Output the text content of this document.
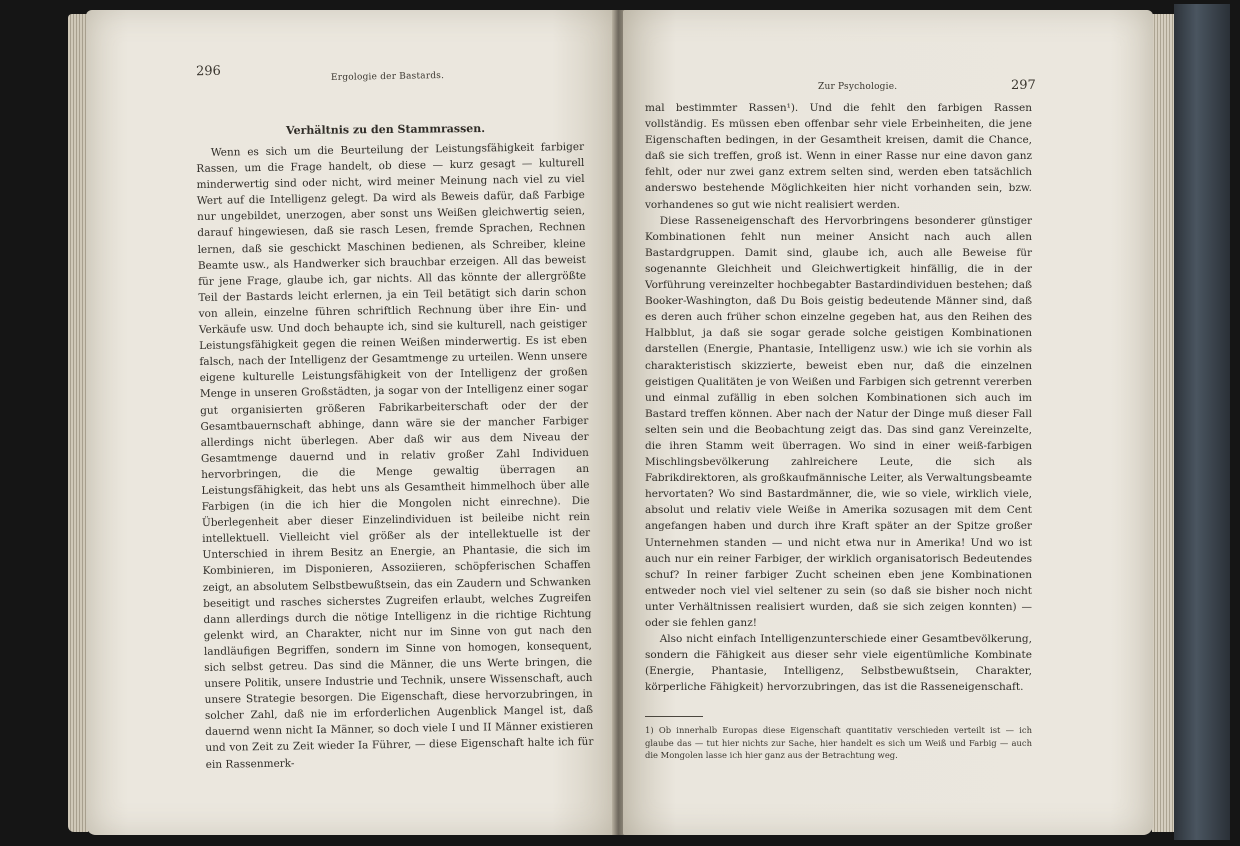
296	Ergologie der Bastards.
Verhältnis zu den Stammrassen.

Wenn es sich um die Beurteilung der Leistungsfähigkeit farbiger Rassen, um die Frage handelt, ob diese — kurz gesagt — kulturell minderwertig sind oder nicht, wird meiner Meinung nach viel zu viel Wert auf die Intelligenz gelegt. Da wird als Beweis dafür, daß Farbige nur ungebildet, unerzogen, aber sonst uns Weißen gleichwertig seien, darauf hingewiesen, daß sie rasch Lesen, fremde Sprachen, Rechnen lernen, daß sie geschickt Maschinen bedienen, als Schreiber, kleine Beamte usw., als Handwerker sich brauchbar erzeigen. All das beweist für jene Frage, glaube ich, gar nichts. All das könnte der allergrößte Teil der Bastards leicht erlernen, ja ein Teil betätigt sich darin schon von allein, einzelne führen schriftlich Rechnung über ihre Ein- und Verkäufe usw. Und doch behaupte ich, sind sie kulturell, nach geistiger Leistungsfähigkeit gegen die reinen Weißen minderwertig. Es ist eben falsch, nach der Intelligenz der Gesamtmenge zu urteilen. Wenn unsere eigene kulturelle Leistungsfähigkeit von der Intelligenz der großen Menge in unseren Großstädten, ja sogar von der Intelligenz einer sogar gut organisierten größeren Fabrikarbeiterschaft oder der der Gesamtbauernschaft abhinge, dann wäre sie der mancher Farbiger allerdings nicht überlegen. Aber daß wir aus dem Niveau der Gesamtmenge dauernd und in relativ großer Zahl Individuen hervorbringen, die die Menge gewaltig überragen an Leistungsfähigkeit, das hebt uns als Gesamtheit himmelhoch über alle Farbigen (in die ich hier die Mongolen nicht einrechne). Die Überlegenheit aber dieser Einzelindividuen ist beileibe nicht rein intellektuell. Vielleicht viel größer als der intellektuelle ist der Unterschied in ihrem Besitz an Energie, an Phantasie, die sich im Kombinieren, im Disponieren, Assoziieren, schöpferischen Schaffen zeigt, an absolutem Selbstbewußtsein, das ein Zaudern und Schwanken beseitigt und rasches sicherstes Zugreifen erlaubt, welches Zugreifen dann allerdings durch die nötige Intelligenz in die richtige Richtung gelenkt wird, an Charakter, nicht nur im Sinne von gut nach den landläufigen Begriffen, sondern im Sinne von homogen, konsequent, sich selbst getreu. Das sind die Männer, die uns Werte bringen, die unsere Politik, unsere Industrie und Technik, unsere Wissenschaft, auch unsere Strategie besorgen. Die Eigenschaft, diese hervorzubringen, in solcher Zahl, daß nie im erforderlichen Augenblick Mangel ist, daß dauernd wenn nicht Ia Männer, so doch viele I und II Männer existieren und von Zeit zu Zeit wieder Ia Führer, — diese Eigenschaft halte ich für ein Rassenmerk-

Zur Psychologie.	297

mal bestimmter Rassen¹). Und die fehlt den farbigen Rassen vollständig. Es müssen eben offenbar sehr viele Erbeinheiten, die jene Eigenschaften bedingen, in der Gesamtheit kreisen, damit die Chance, daß sie sich treffen, groß ist. Wenn in einer Rasse nur eine davon ganz fehlt, oder nur zwei ganz extrem selten sind, werden eben tatsächlich anderswo bestehende Möglichkeiten hier nicht vorhanden sein, bzw. vorhandenes so gut wie nicht realisiert werden.

Diese Rasseneigenschaft des Hervorbringens besonderer günstiger Kombinationen fehlt nun meiner Ansicht nach auch allen Bastardgruppen. Damit sind, glaube ich, auch alle Beweise für sogenannte Gleichheit und Gleichwertigkeit hinfällig, die in der Vorführung vereinzelter hochbegabter Bastardindividuen bestehen; daß Booker-Washington, daß Du Bois geistig bedeutende Männer sind, daß es deren auch früher schon einzelne gegeben hat, aus den Reihen des Halbblut, ja daß sie sogar gerade solche geistigen Kombinationen darstellen (Energie, Phantasie, Intelligenz usw.) wie ich sie vorhin als charakteristisch skizzierte, beweist eben nur, daß die einzelnen geistigen Qualitäten je von Weißen und Farbigen sich getrennt vererben und einmal zufällig in eben solchen Kombinationen sich auch im Bastard treffen können. Aber nach der Natur der Dinge muß dieser Fall selten sein und die Beobachtung zeigt das. Das sind ganz Vereinzelte, die ihren Stamm weit überragen. Wo sind in einer weiß-farbigen Mischlingsbevölkerung zahlreichere Leute, die sich als Fabrikdirektoren, als großkaufmännische Leiter, als Verwaltungsbeamte hervortaten? Wo sind Bastardmänner, die, wie so viele, wirklich viele, absolut und relativ viele Weiße in Amerika sozusagen mit dem Cent angefangen haben und durch ihre Kraft später an der Spitze großer Unternehmen standen — und nicht etwa nur in Amerika! Und wo ist auch nur ein reiner Farbiger, der wirklich organisatorisch Bedeutendes schuf? In reiner farbiger Zucht scheinen eben jene Kombinationen entweder noch viel viel seltener zu sein (so daß sie bisher noch nicht unter Verhältnissen realisiert wurden, daß sie sich zeigen konnten) — oder sie fehlen ganz!

Also nicht einfach Intelligenzunterschiede einer Gesamtbevölkerung, sondern die Fähigkeit aus dieser sehr viele eigentümliche Kombinate (Energie, Phantasie, Intelligenz, Selbstbewußtsein, Charakter, körperliche Fähigkeit) hervorzubringen, das ist die Rasseneigenschaft.

1) Ob innerhalb Europas diese Eigenschaft quantitativ verschieden verteilt ist — ich glaube das — tut hier nichts zur Sache, hier handelt es sich um Weiß und Farbig — auch die Mongolen lasse ich hier ganz aus der Betrachtung weg.
